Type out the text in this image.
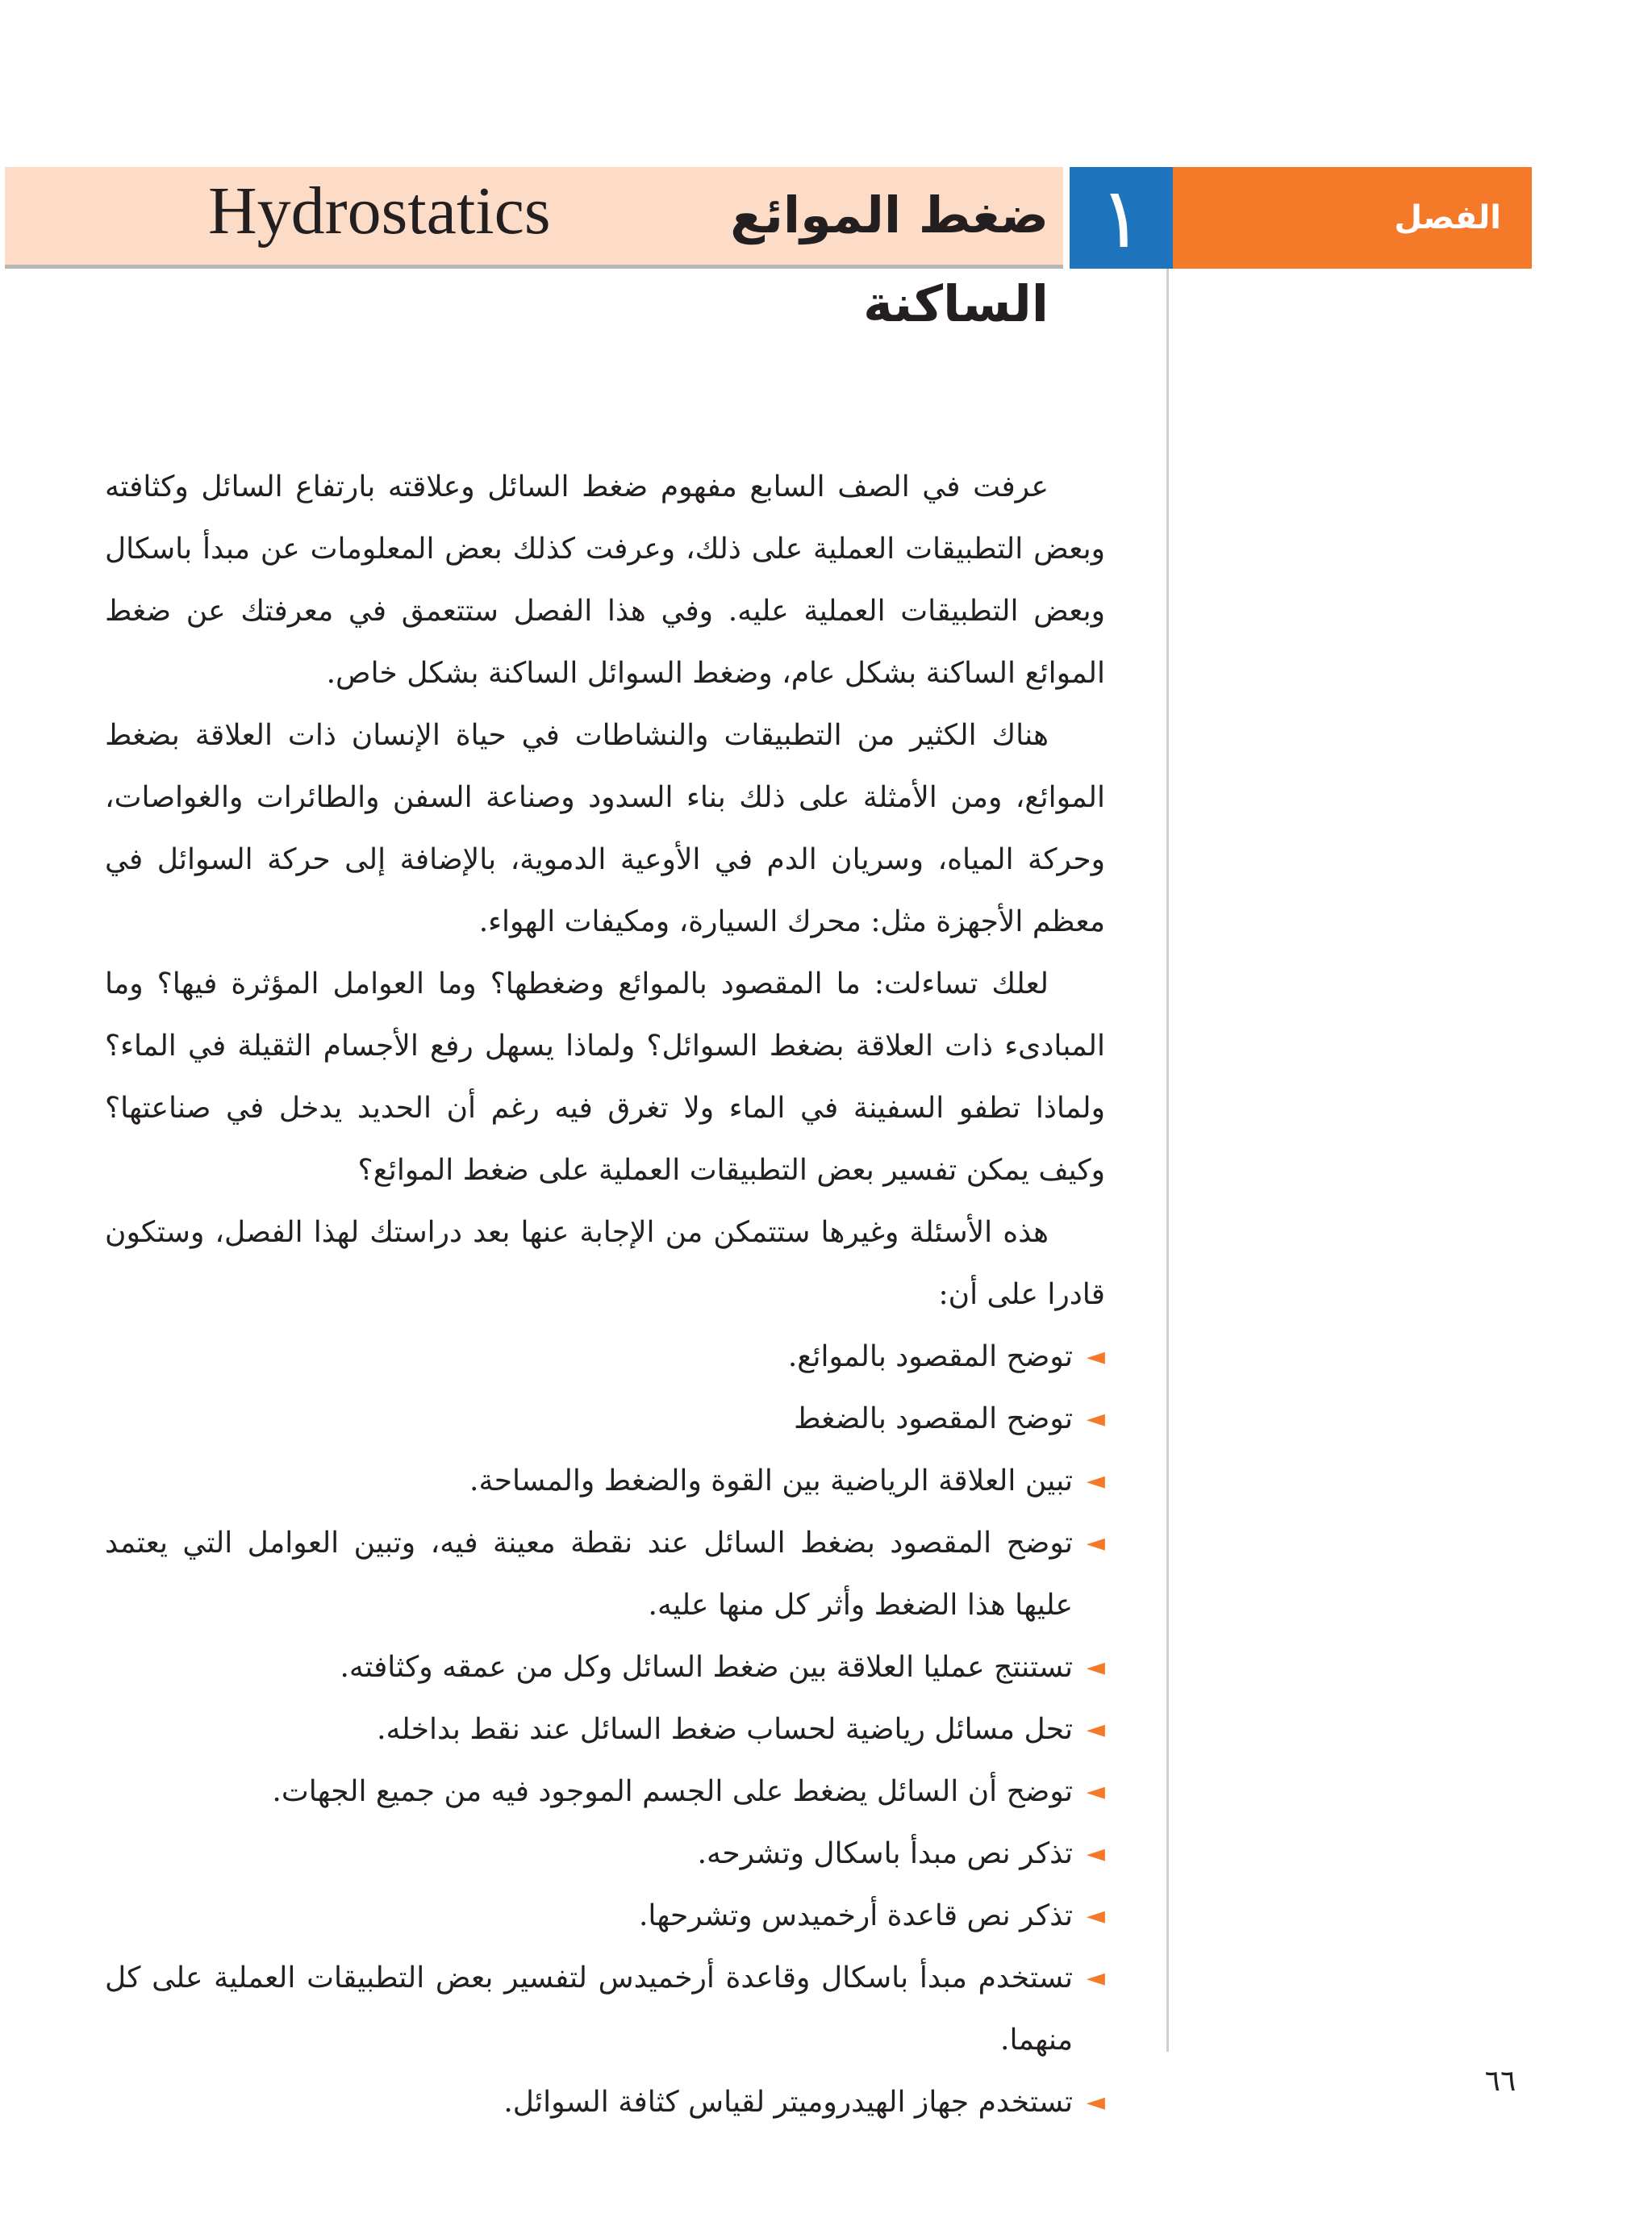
Hydrostatics	ضغط الموائع الساكنة
١	الفصل

عرفت في الصف السابع مفهوم ضغط السائل وعلاقته بارتفاع السائل وكثافته وبعض التطبيقات العملية على ذلك، وعرفت كذلك بعض المعلومات عن مبدأ باسكال وبعض التطبيقات العملية عليه. وفي هذا الفصل ستتعمق في معرفتك عن ضغط الموائع الساكنة بشكل عام، وضغط السوائل الساكنة بشكل خاص.

هناك الكثير من التطبيقات والنشاطات في حياة الإنسان ذات العلاقة بضغط الموائع، ومن الأمثلة على ذلك بناء السدود وصناعة السفن والطائرات والغواصات، وحركة المياه، وسريان الدم في الأوعية الدموية، بالإضافة إلى حركة السوائل في معظم الأجهزة مثل: محرك السيارة، ومكيفات الهواء.

لعلك تساءلت: ما المقصود بالموائع وضغطها؟ وما العوامل المؤثرة فيها؟ وما المبادىء ذات العلاقة بضغط السوائل؟ ولماذا يسهل رفع الأجسام الثقيلة في الماء؟ ولماذا تطفو السفينة في الماء ولا تغرق فيه رغم أن الحديد يدخل في صناعتها؟ وكيف يمكن تفسير بعض التطبيقات العملية على ضغط الموائع؟

هذه الأسئلة وغيرها ستتمكن من الإجابة عنها بعد دراستك لهذا الفصل، وستكون قادرا على أن:

◄
توضح المقصود بالموائع.
◄
توضح المقصود بالضغط
◄
تبين العلاقة الرياضية بين القوة والضغط والمساحة.
◄
توضح المقصود بضغط السائل عند نقطة معينة فيه، وتبين العوامل التي يعتمد عليها هذا الضغط وأثر كل منها عليه.
◄
تستنتج عمليا العلاقة بين ضغط السائل وكل من عمقه وكثافته.
◄
تحل مسائل رياضية لحساب ضغط السائل عند نقط بداخله.
◄
توضح أن السائل يضغط على الجسم الموجود فيه من جميع الجهات.
◄
تذكر نص مبدأ باسكال وتشرحه.
◄
تذكر نص قاعدة أرخميدس وتشرحها.
◄
تستخدم مبدأ باسكال وقاعدة أرخميدس لتفسير بعض التطبيقات العملية على كل منهما.
◄
تستخدم جهاز الهيدروميتر لقياس كثافة السوائل.
٦٦
